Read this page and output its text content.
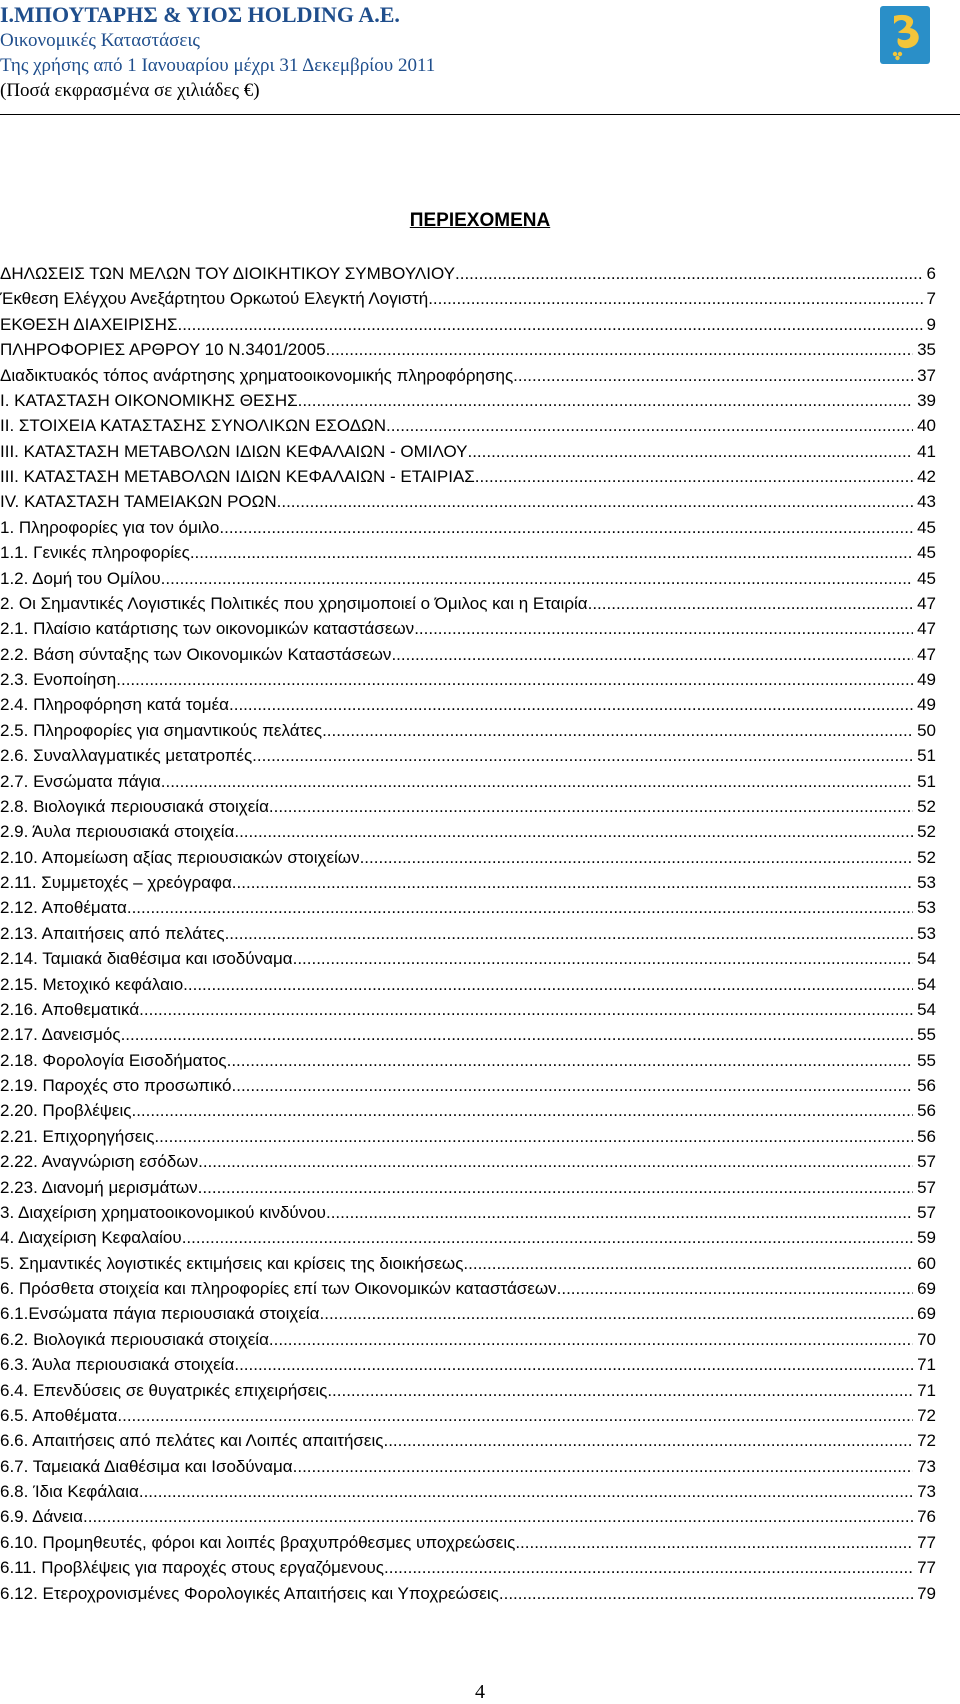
Ι.ΜΠΟΥΤΑΡΗΣ & ΥΙΟΣ HOLDING A.E.
Οικονομικές Καταστάσεις
Της χρήσης από 1 Ιανουαρίου μέχρι 31 Δεκεμβρίου 2011
(Ποσά εκφρασμένα σε χιλιάδες €)
ΠΕΡΙΕΧΟΜΕΝΑ
ΔΗΛΩΣΕΙΣ ΤΩΝ ΜΕΛΩΝ ΤΟΥ ΔΙΟΙΚΗΤΙΚΟΥ ΣΥΜΒΟΥΛΙΟΥ .....	6
Έκθεση Ελέγχου Ανεξάρτητου Ορκωτού Ελεγκτή Λογιστή .....	7
ΕΚΘΕΣΗ ΔΙΑΧΕΙΡΙΣΗΣ .....	9
ΠΛΗΡΟΦΟΡΙΕΣ ΑΡΘΡΟΥ 10 Ν.3401/2005 .....	35
Διαδικτυακός τόπος ανάρτησης χρηματοοικονομικής πληροφόρησης .....	37
I. ΚΑΤΑΣΤΑΣΗ ΟΙΚΟΝΟΜΙΚΗΣ ΘΕΣΗΣ .....	39
II. ΣΤΟΙΧΕΙΑ ΚΑΤΑΣΤΑΣΗΣ ΣΥΝΟΛΙΚΩΝ ΕΣΟΔΩΝ .....	40
III. ΚΑΤΑΣΤΑΣΗ ΜΕΤΑΒΟΛΩΝ ΙΔΙΩΝ ΚΕΦΑΛΑΙΩΝ - ΟΜΙΛΟΥ .....	41
III. ΚΑΤΑΣΤΑΣΗ ΜΕΤΑΒΟΛΩΝ ΙΔΙΩΝ ΚΕΦΑΛΑΙΩΝ - ΕΤΑΙΡΙΑΣ .....	42
IV. ΚΑΤΑΣΤΑΣΗ ΤΑΜΕΙΑΚΩΝ ΡΟΩΝ .....	43
1. Πληροφορίες για τον όμιλο .....	45
1.1. Γενικές πληροφορίες .....	45
1.2. Δομή του Ομίλου .....	45
2. Οι Σημαντικές Λογιστικές Πολιτικές που χρησιμοποιεί ο Όμιλος και η Εταιρία .....	47
2.1. Πλαίσιο κατάρτισης των οικονομικών καταστάσεων .....	47
2.2. Βάση σύνταξης των Οικονομικών Καταστάσεων .....	47
2.3. Ενοποίηση .....	49
2.4. Πληροφόρηση κατά τομέα .....	49
2.5. Πληροφορίες για σημαντικούς πελάτες .....	50
2.6. Συναλλαγματικές μετατροπές .....	51
2.7. Ενσώματα πάγια .....	51
2.8. Βιολογικά περιουσιακά στοιχεία .....	52
2.9. Άυλα περιουσιακά στοιχεία .....	52
2.10. Απομείωση αξίας περιουσιακών στοιχείων .....	52
2.11. Συμμετοχές – χρεόγραφα .....	53
2.12. Αποθέματα .....	53
2.13. Απαιτήσεις από πελάτες .....	53
2.14. Ταμιακά διαθέσιμα και ισοδύναμα .....	54
2.15. Μετοχικό κεφάλαιο .....	54
2.16. Αποθεματικά .....	54
2.17. Δανεισμός .....	55
2.18. Φορολογία Εισοδήματος .....	55
2.19. Παροχές στο προσωπικό .....	56
2.20. Προβλέψεις .....	56
2.21. Επιχορηγήσεις .....	56
2.22. Αναγνώριση εσόδων .....	57
2.23. Διανομή μερισμάτων .....	57
3. Διαχείριση χρηματοοικονομικού κινδύνου .....	57
4. Διαχείριση Κεφαλαίου .....	59
5. Σημαντικές λογιστικές εκτιμήσεις και κρίσεις της διοικήσεως .....	60
6. Πρόσθετα στοιχεία και πληροφορίες επί των Οικονομικών καταστάσεων. .....	69
6.1.Ενσώματα πάγια περιουσιακά στοιχεία .....	69
6.2. Βιολογικά περιουσιακά στοιχεία .....	70
6.3. Άυλα περιουσιακά στοιχεία .....	71
6.4. Επενδύσεις σε θυγατρικές επιχειρήσεις .....	71
6.5. Αποθέματα .....	72
6.6. Απαιτήσεις από πελάτες και Λοιπές απαιτήσεις .....	72
6.7. Ταμειακά Διαθέσιμα και Ισοδύναμα .....	73
6.8. Ίδια Κεφάλαια .....	73
6.9. Δάνεια .....	76
6.10. Προμηθευτές, φόροι και λοιπές βραχυπρόθεσμες υποχρεώσεις .....	77
6.11. Προβλέψεις για παροχές στους εργαζόμενους .....	77
6.12. Ετεροχρονισμένες Φορολογικές Απαιτήσεις και Υποχρεώσεις .....	79
4
